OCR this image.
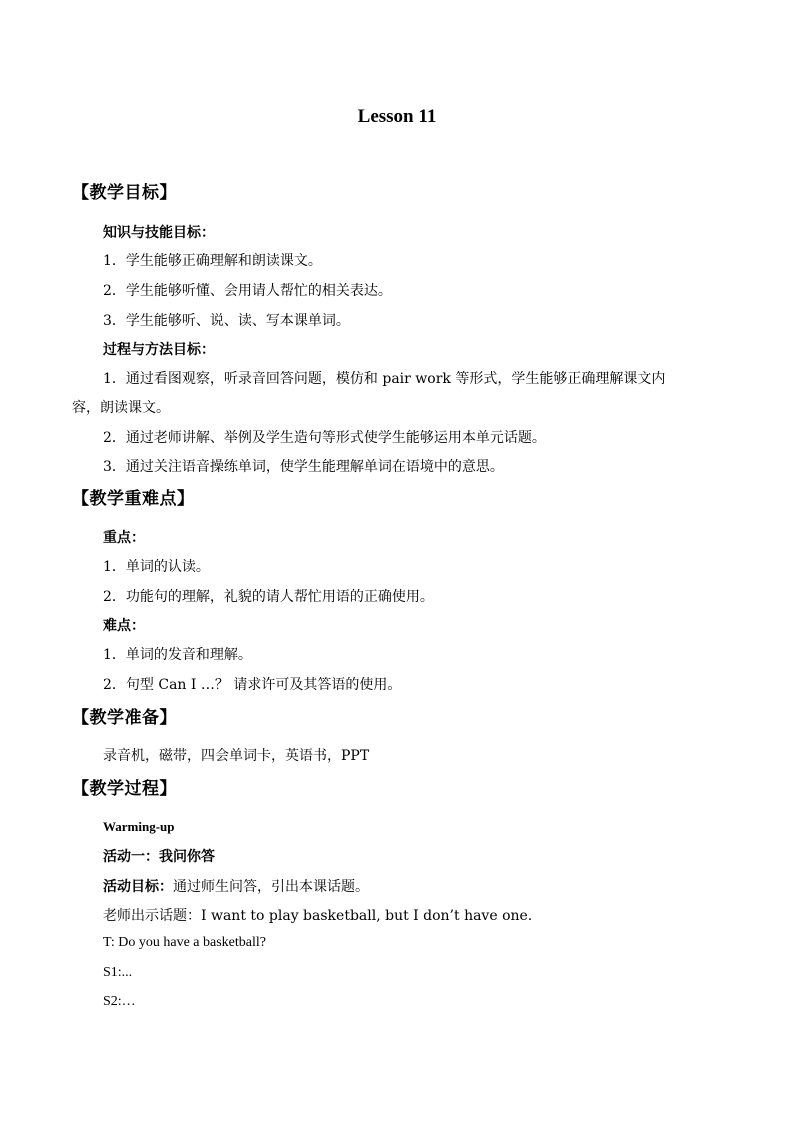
Lesson 11
【教学目标】
知识与技能目标：
1．学生能够正确理解和朗读课文。
2．学生能够听懂、会用请人帮忙的相关表达。
3．学生能够听、说、读、写本课单词。
过程与方法目标：
1．通过看图观察，听录音回答问题，模仿和 pair work 等形式，学生能够正确理解课文内
容，朗读课文。
2．通过老师讲解、举例及学生造句等形式使学生能够运用本单元话题。
3．通过关注语音操练单词，使学生能理解单词在语境中的意思。
【教学重难点】
重点：
1．单词的认读。
2．功能句的理解，礼貌的请人帮忙用语的正确使用。
难点：
1．单词的发音和理解。
2．句型 Can I …？ 请求许可及其答语的使用。
【教学准备】
录音机，磁带，四会单词卡，英语书，PPT
【教学过程】
Warming-up
活动一：我问你答
活动目标：通过师生问答，引出本课话题。
老师出示话题：I want to play basketball, but I don’t have one.
T: Do you have a basketball?
S1:...
S2:…
